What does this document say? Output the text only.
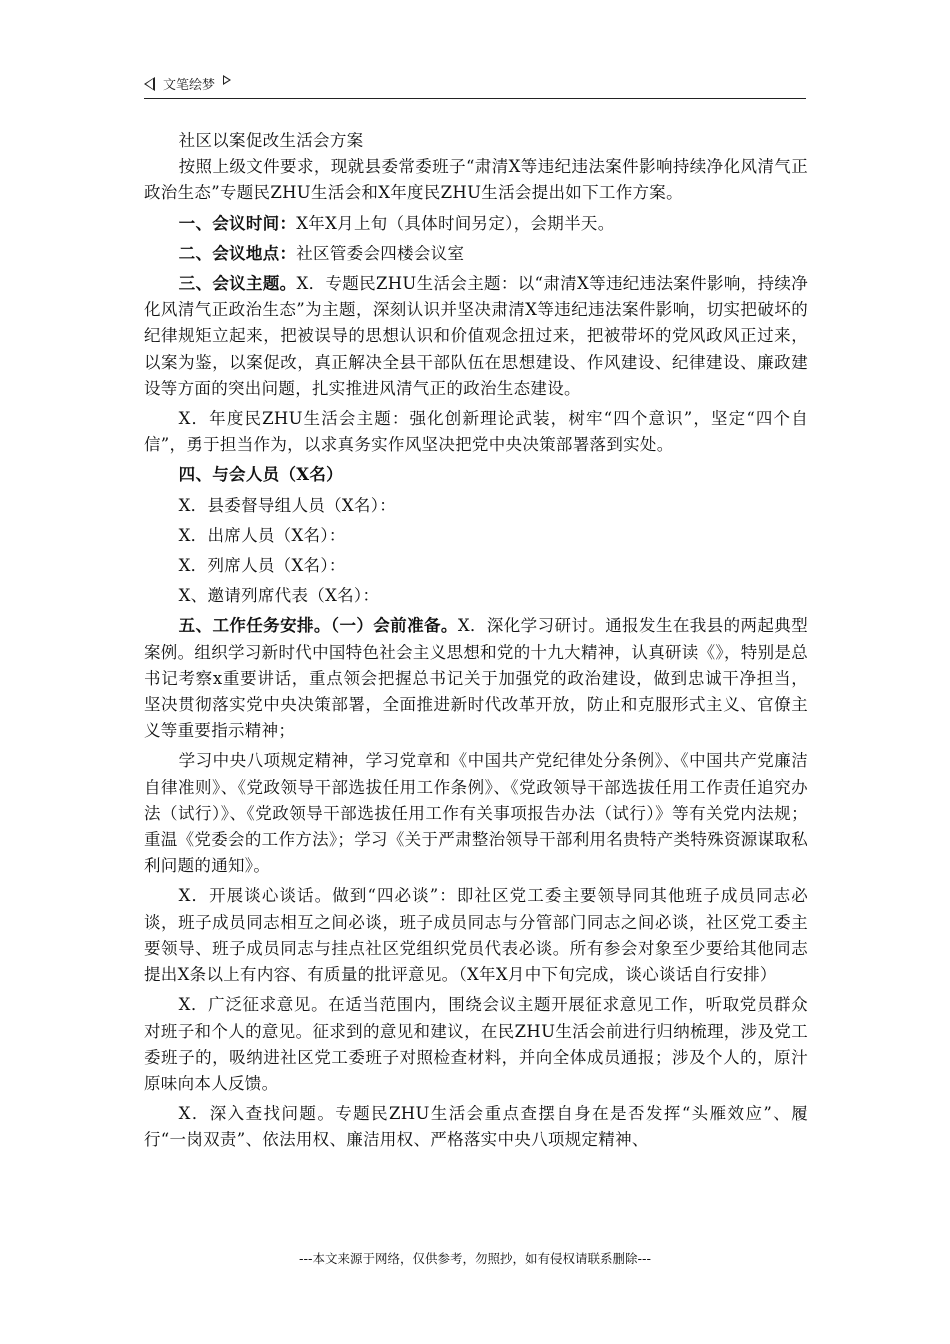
文笔绘梦

社区以案促改生活会方案

按照上级文件要求，现就县委常委班子“肃清X等违纪违法案件影响持续净化风清气正政治生态”专题民ZHU生活会和X年度民ZHU生活会提出如下工作方案。

一、会议时间：X年X月上旬（具体时间另定），会期半天。

二、会议地点：社区管委会四楼会议室

三、会议主题。X．专题民ZHU生活会主题：以“肃清X等违纪违法案件影响，持续净化风清气正政治生态”为主题，深刻认识并坚决肃清X等违纪违法案件影响，切实把破坏的纪律规矩立起来，把被误导的思想认识和价值观念扭过来，把被带坏的党风政风正过来，以案为鉴，以案促改，真正解决全县干部队伍在思想建设、作风建设、纪律建设、廉政建设等方面的突出问题，扎实推进风清气正的政治生态建设。

X．年度民ZHU生活会主题：强化创新理论武装，树牢“四个意识”，坚定“四个自信”，勇于担当作为，以求真务实作风坚决把党中央决策部署落到实处。

四、与会人员（X名）

X．县委督导组人员（X名）：

X．出席人员（X名）：

X．列席人员（X名）：

X、邀请列席代表（X名）：

五、工作任务安排。（一）会前准备。X．深化学习研讨。通报发生在我县的两起典型案例。组织学习新时代中国特色社会主义思想和党的十九大精神，认真研读《》，特别是总书记考察x重要讲话，重点领会把握总书记关于加强党的政治建设，做到忠诚干净担当，坚决贯彻落实党中央决策部署，全面推进新时代改革开放，防止和克服形式主义、官僚主义等重要指示精神；

学习中央八项规定精神，学习党章和《中国共产党纪律处分条例》、《中国共产党廉洁自律准则》、《党政领导干部选拔任用工作条例》、《党政领导干部选拔任用工作责任追究办法（试行）》、《党政领导干部选拔任用工作有关事项报告办法（试行）》等有关党内法规；重温《党委会的工作方法》；学习《关于严肃整治领导干部利用名贵特产类特殊资源谋取私利问题的通知》。

X．开展谈心谈话。做到“四必谈”：即社区党工委主要领导同其他班子成员同志必谈，班子成员同志相互之间必谈，班子成员同志与分管部门同志之间必谈，社区党工委主要领导、班子成员同志与挂点社区党组织党员代表必谈。所有参会对象至少要给其他同志提出X条以上有内容、有质量的批评意见。（X年X月中下旬完成，谈心谈话自行安排）

X．广泛征求意见。在适当范围内，围绕会议主题开展征求意见工作，听取党员群众对班子和个人的意见。征求到的意见和建议，在民ZHU生活会前进行归纳梳理，涉及党工委班子的，吸纳进社区党工委班子对照检查材料，并向全体成员通报；涉及个人的，原汁原味向本人反馈。

X．深入查找问题。专题民ZHU生活会重点查摆自身在是否发挥“头雁效应”、履行“一岗双责”、依法用权、廉洁用权、严格落实中央八项规定精神、

---本文来源于网络，仅供参考，勿照抄，如有侵权请联系删除---
